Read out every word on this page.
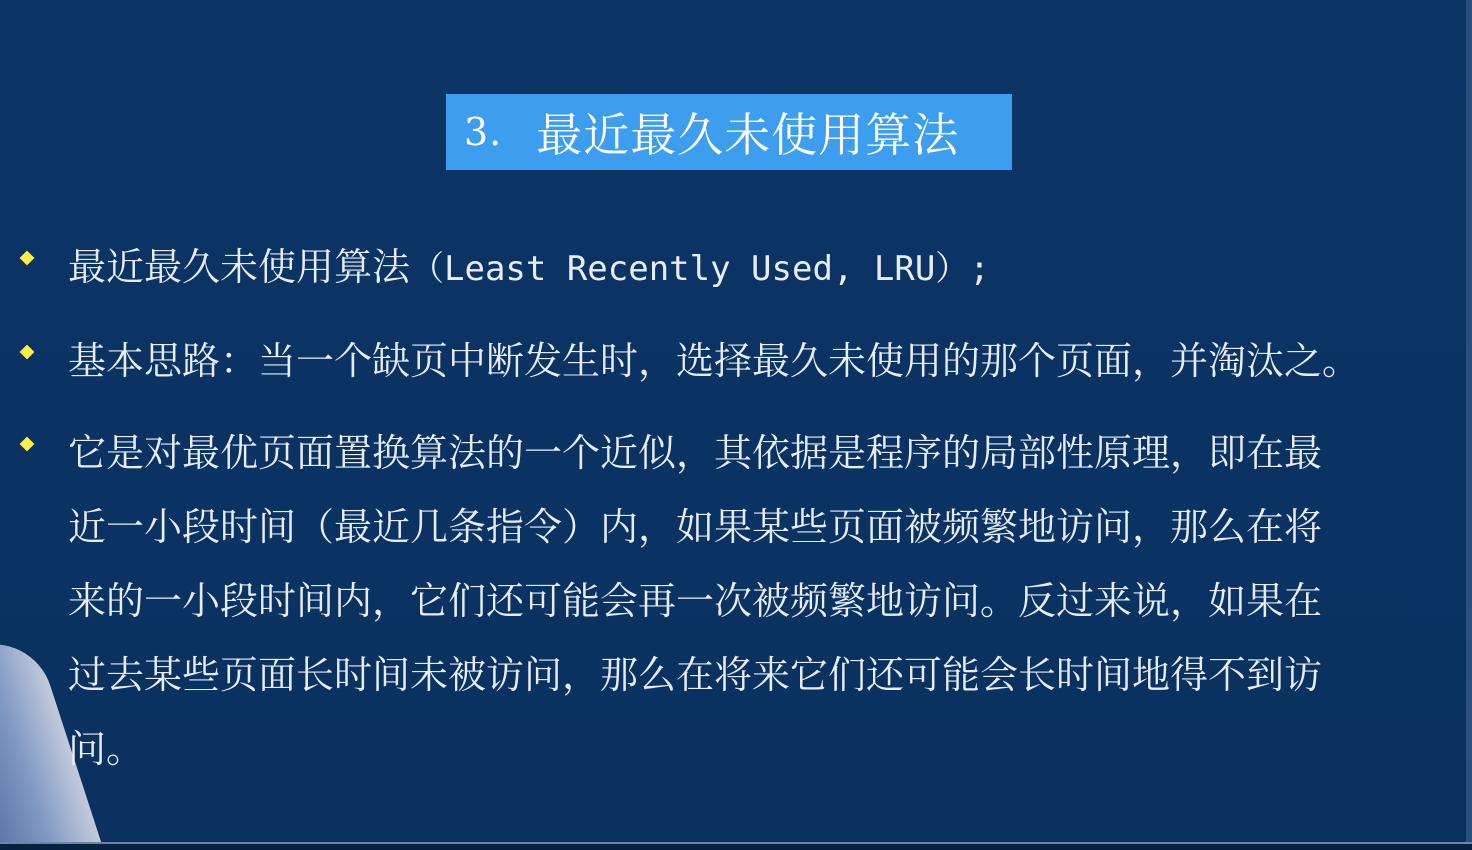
3. 最近最久未使用算法
最近最久未使用算法（Least Recently Used, LRU）;
基本思路：当一个缺页中断发生时，选择最久未使用的那个页面，并淘汰之。
它是对最优页面置换算法的一个近似，其依据是程序的局部性原理，即在最
近一小段时间（最近几条指令）内，如果某些页面被频繁地访问，那么在将
来的一小段时间内，它们还可能会再一次被频繁地访问。反过来说，如果在
过去某些页面长时间未被访问，那么在将来它们还可能会长时间地得不到访
问。
